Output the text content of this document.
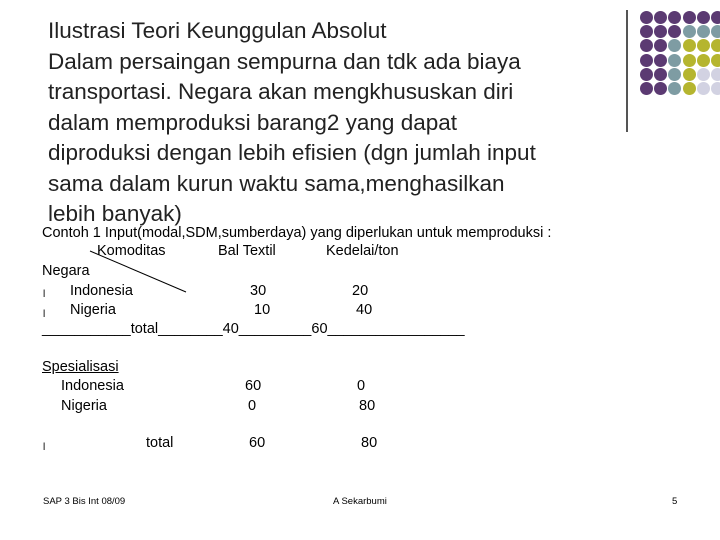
Ilustrasi Teori Keunggulan Absolut
Dalam persaingan sempurna dan tdk ada biaya
transportasi. Negara akan mengkhususkan diri
dalam memproduksi barang2 yang dapat
diproduksi dengan lebih efisien (dgn jumlah input
sama dalam kurun waktu sama,menghasilkan
lebih banyak)
Contoh 1 Input(modal,SDM,sumberdaya) yang diperlukan untuk memproduksi :
Komoditas	Bal Textil	Kedelai/ton
Negara
l Indonesia	30	20
l Nigeria	10	40
___________total________40_________60_________________
Spesialisasi
Indonesia	60	0
Nigeria	0	80
l	total	60	80
SAP 3 Bis Int 08/09	A Sekarbumi	5
